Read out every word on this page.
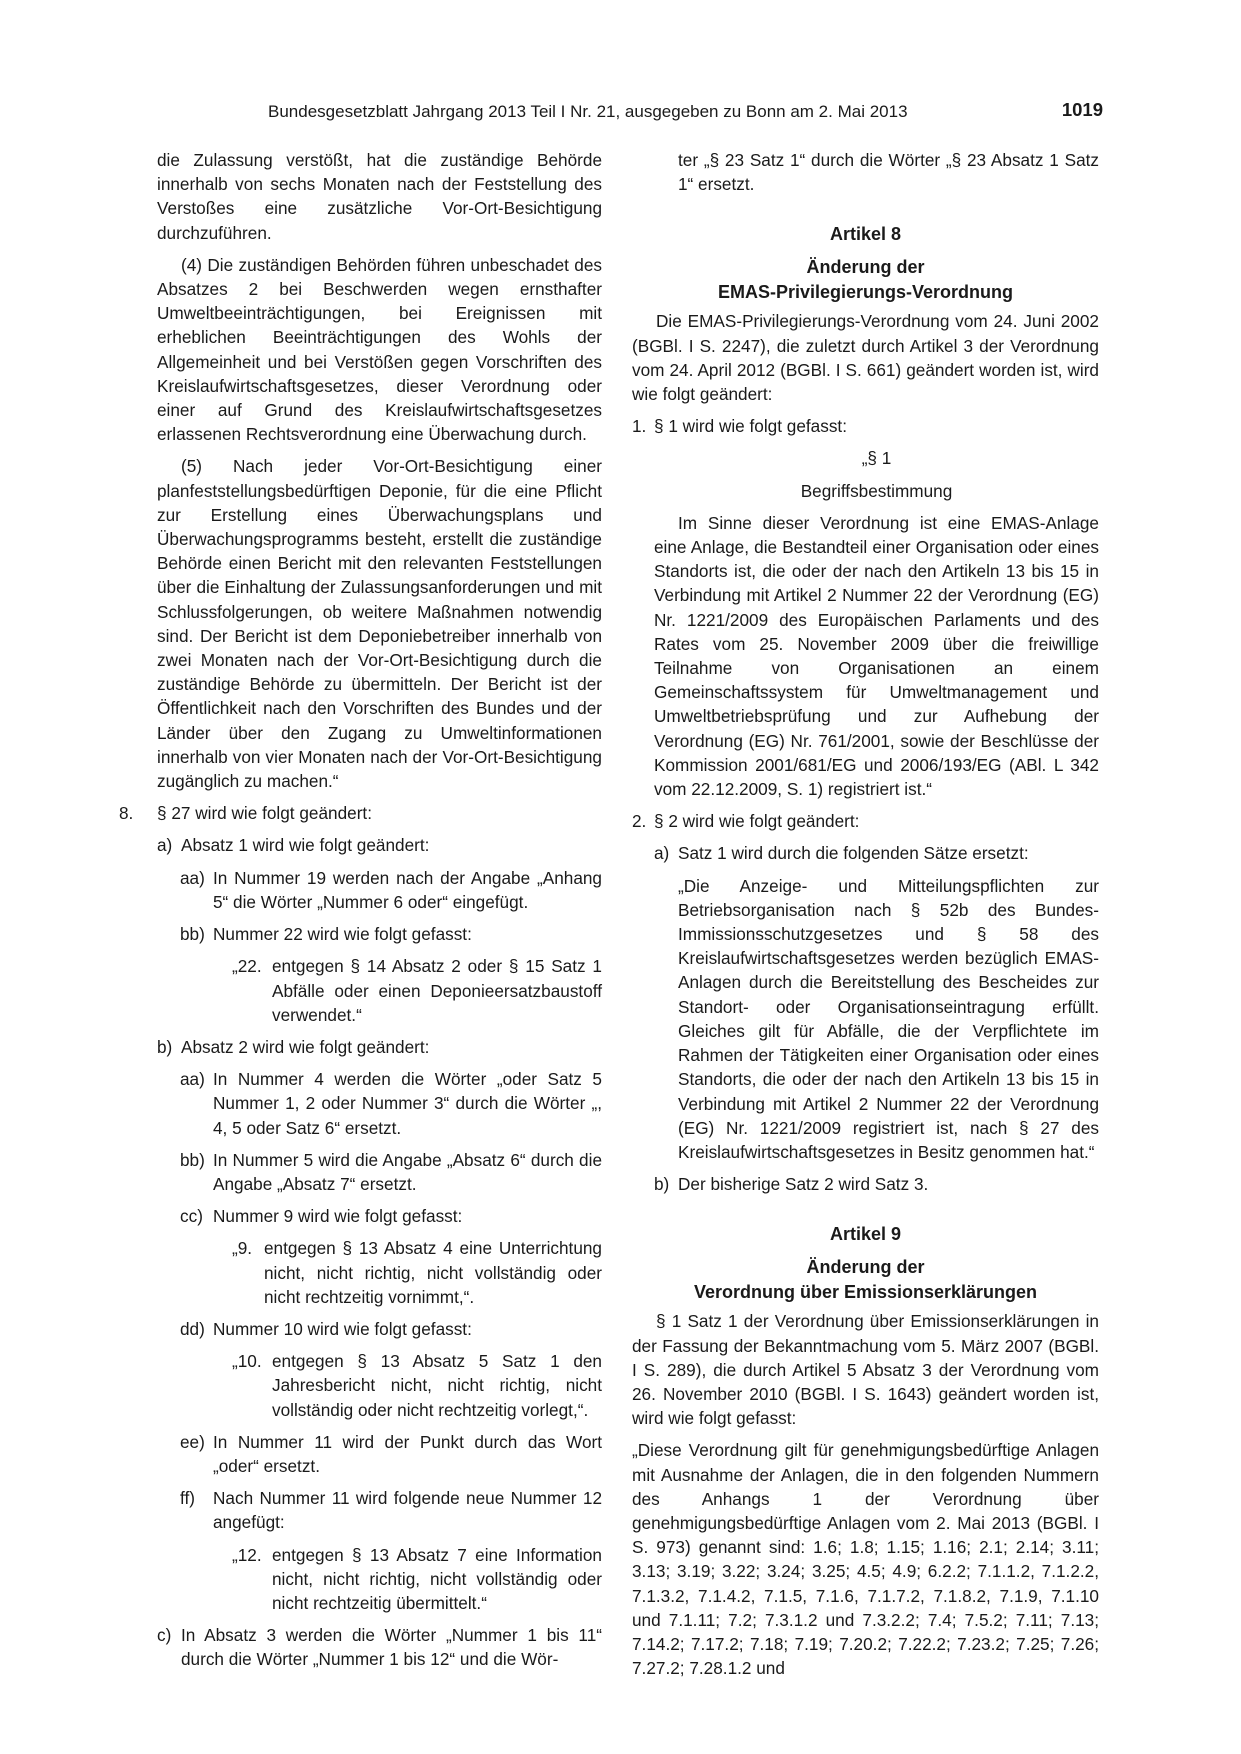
Bundesgesetzblatt Jahrgang 2013 Teil I Nr. 21, ausgegeben zu Bonn am 2. Mai 2013	1019

die Zulassung verstößt, hat die zuständige Behörde innerhalb von sechs Monaten nach der Feststellung des Verstoßes eine zusätzliche Vor-Ort-Besichtigung durchzuführen.

(4) Die zuständigen Behörden führen unbeschadet des Absatzes 2 bei Beschwerden wegen ernsthafter Umweltbeeinträchtigungen, bei Ereignissen mit erheblichen Beeinträchtigungen des Wohls der Allgemeinheit und bei Verstößen gegen Vorschriften des Kreislaufwirtschaftsgesetzes, dieser Verordnung oder einer auf Grund des Kreislaufwirtschaftsgesetzes erlassenen Rechtsverordnung eine Überwachung durch.

(5) Nach jeder Vor-Ort-Besichtigung einer planfeststellungsbedürftigen Deponie, für die eine Pflicht zur Erstellung eines Überwachungsplans und Überwachungsprogramms besteht, erstellt die zuständige Behörde einen Bericht mit den relevanten Feststellungen über die Einhaltung der Zulassungsanforderungen und mit Schlussfolgerungen, ob weitere Maßnahmen notwendig sind. Der Bericht ist dem Deponiebetreiber innerhalb von zwei Monaten nach der Vor-Ort-Besichtigung durch die zuständige Behörde zu übermitteln. Der Bericht ist der Öffentlichkeit nach den Vorschriften des Bundes und der Länder über den Zugang zu Umweltinformationen innerhalb von vier Monaten nach der Vor-Ort-Besichtigung zugänglich zu machen.“

8. § 27 wird wie folgt geändert:
a) Absatz 1 wird wie folgt geändert:
aa) In Nummer 19 werden nach der Angabe „Anhang 5“ die Wörter „Nummer 6 oder“ eingefügt.
bb) Nummer 22 wird wie folgt gefasst:
„22. entgegen § 14 Absatz 2 oder § 15 Satz 1 Abfälle oder einen Deponieersatzbaustoff verwendet.“
b) Absatz 2 wird wie folgt geändert:
aa) In Nummer 4 werden die Wörter „oder Satz 5 Nummer 1, 2 oder Nummer 3“ durch die Wörter „, 4, 5 oder Satz 6“ ersetzt.
bb) In Nummer 5 wird die Angabe „Absatz 6“ durch die Angabe „Absatz 7“ ersetzt.
cc) Nummer 9 wird wie folgt gefasst:
„9. entgegen § 13 Absatz 4 eine Unterrichtung nicht, nicht richtig, nicht vollständig oder nicht rechtzeitig vornimmt,“.
dd) Nummer 10 wird wie folgt gefasst:
„10. entgegen § 13 Absatz 5 Satz 1 den Jahresbericht nicht, nicht richtig, nicht vollständig oder nicht rechtzeitig vorlegt,“.
ee) In Nummer 11 wird der Punkt durch das Wort „oder“ ersetzt.
ff) Nach Nummer 11 wird folgende neue Nummer 12 angefügt:
„12. entgegen § 13 Absatz 7 eine Information nicht, nicht richtig, nicht vollständig oder nicht rechtzeitig übermittelt.“
c) In Absatz 3 werden die Wörter „Nummer 1 bis 11“ durch die Wörter „Nummer 1 bis 12“ und die Wör-

ter „§ 23 Satz 1“ durch die Wörter „§ 23 Absatz 1 Satz 1“ ersetzt.

Artikel 8
Änderung der
EMAS-Privilegierungs-Verordnung

Die EMAS-Privilegierungs-Verordnung vom 24. Juni 2002 (BGBl. I S. 2247), die zuletzt durch Artikel 3 der Verordnung vom 24. April 2012 (BGBl. I S. 661) geändert worden ist, wird wie folgt geändert:

1. § 1 wird wie folgt gefasst:

„§ 1

Begriffsbestimmung

Im Sinne dieser Verordnung ist eine EMAS-Anlage eine Anlage, die Bestandteil einer Organisation oder eines Standorts ist, die oder der nach den Artikeln 13 bis 15 in Verbindung mit Artikel 2 Nummer 22 der Verordnung (EG) Nr. 1221/2009 des Europäischen Parlaments und des Rates vom 25. November 2009 über die freiwillige Teilnahme von Organisationen an einem Gemeinschaftssystem für Umweltmanagement und Umweltbetriebsprüfung und zur Aufhebung der Verordnung (EG) Nr. 761/2001, sowie der Beschlüsse der Kommission 2001/681/EG und 2006/193/EG (ABl. L 342 vom 22.12.2009, S. 1) registriert ist.“

2. § 2 wird wie folgt geändert:
a) Satz 1 wird durch die folgenden Sätze ersetzt:

„Die Anzeige- und Mitteilungspflichten zur Betriebsorganisation nach § 52b des Bundes-Immissionsschutzgesetzes und § 58 des Kreislaufwirtschaftsgesetzes werden bezüglich EMAS-Anlagen durch die Bereitstellung des Bescheides zur Standort- oder Organisationseintragung erfüllt. Gleiches gilt für Abfälle, die der Verpflichtete im Rahmen der Tätigkeiten einer Organisation oder eines Standorts, die oder der nach den Artikeln 13 bis 15 in Verbindung mit Artikel 2 Nummer 22 der Verordnung (EG) Nr. 1221/2009 registriert ist, nach § 27 des Kreislaufwirtschaftsgesetzes in Besitz genommen hat.“

b) Der bisherige Satz 2 wird Satz 3.
Artikel 9
Änderung der
Verordnung über Emissionserklärungen

§ 1 Satz 1 der Verordnung über Emissionserklärungen in der Fassung der Bekanntmachung vom 5. März 2007 (BGBl. I S. 289), die durch Artikel 5 Absatz 3 der Verordnung vom 26. November 2010 (BGBl. I S. 1643) geändert worden ist, wird wie folgt gefasst:

„Diese Verordnung gilt für genehmigungsbedürftige Anlagen mit Ausnahme der Anlagen, die in den folgenden Nummern des Anhangs 1 der Verordnung über genehmigungsbedürftige Anlagen vom 2. Mai 2013 (BGBl. I S. 973) genannt sind: 1.6; 1.8; 1.15; 1.16; 2.1; 2.14; 3.11; 3.13; 3.19; 3.22; 3.24; 3.25; 4.5; 4.9; 6.2.2; 7.1.1.2, 7.1.2.2, 7.1.3.2, 7.1.4.2, 7.1.5, 7.1.6, 7.1.7.2, 7.1.8.2, 7.1.9, 7.1.10 und 7.1.11; 7.2; 7.3.1.2 und 7.3.2.2; 7.4; 7.5.2; 7.11; 7.13; 7.14.2; 7.17.2; 7.18; 7.19; 7.20.2; 7.22.2; 7.23.2; 7.25; 7.26; 7.27.2; 7.28.1.2 und
